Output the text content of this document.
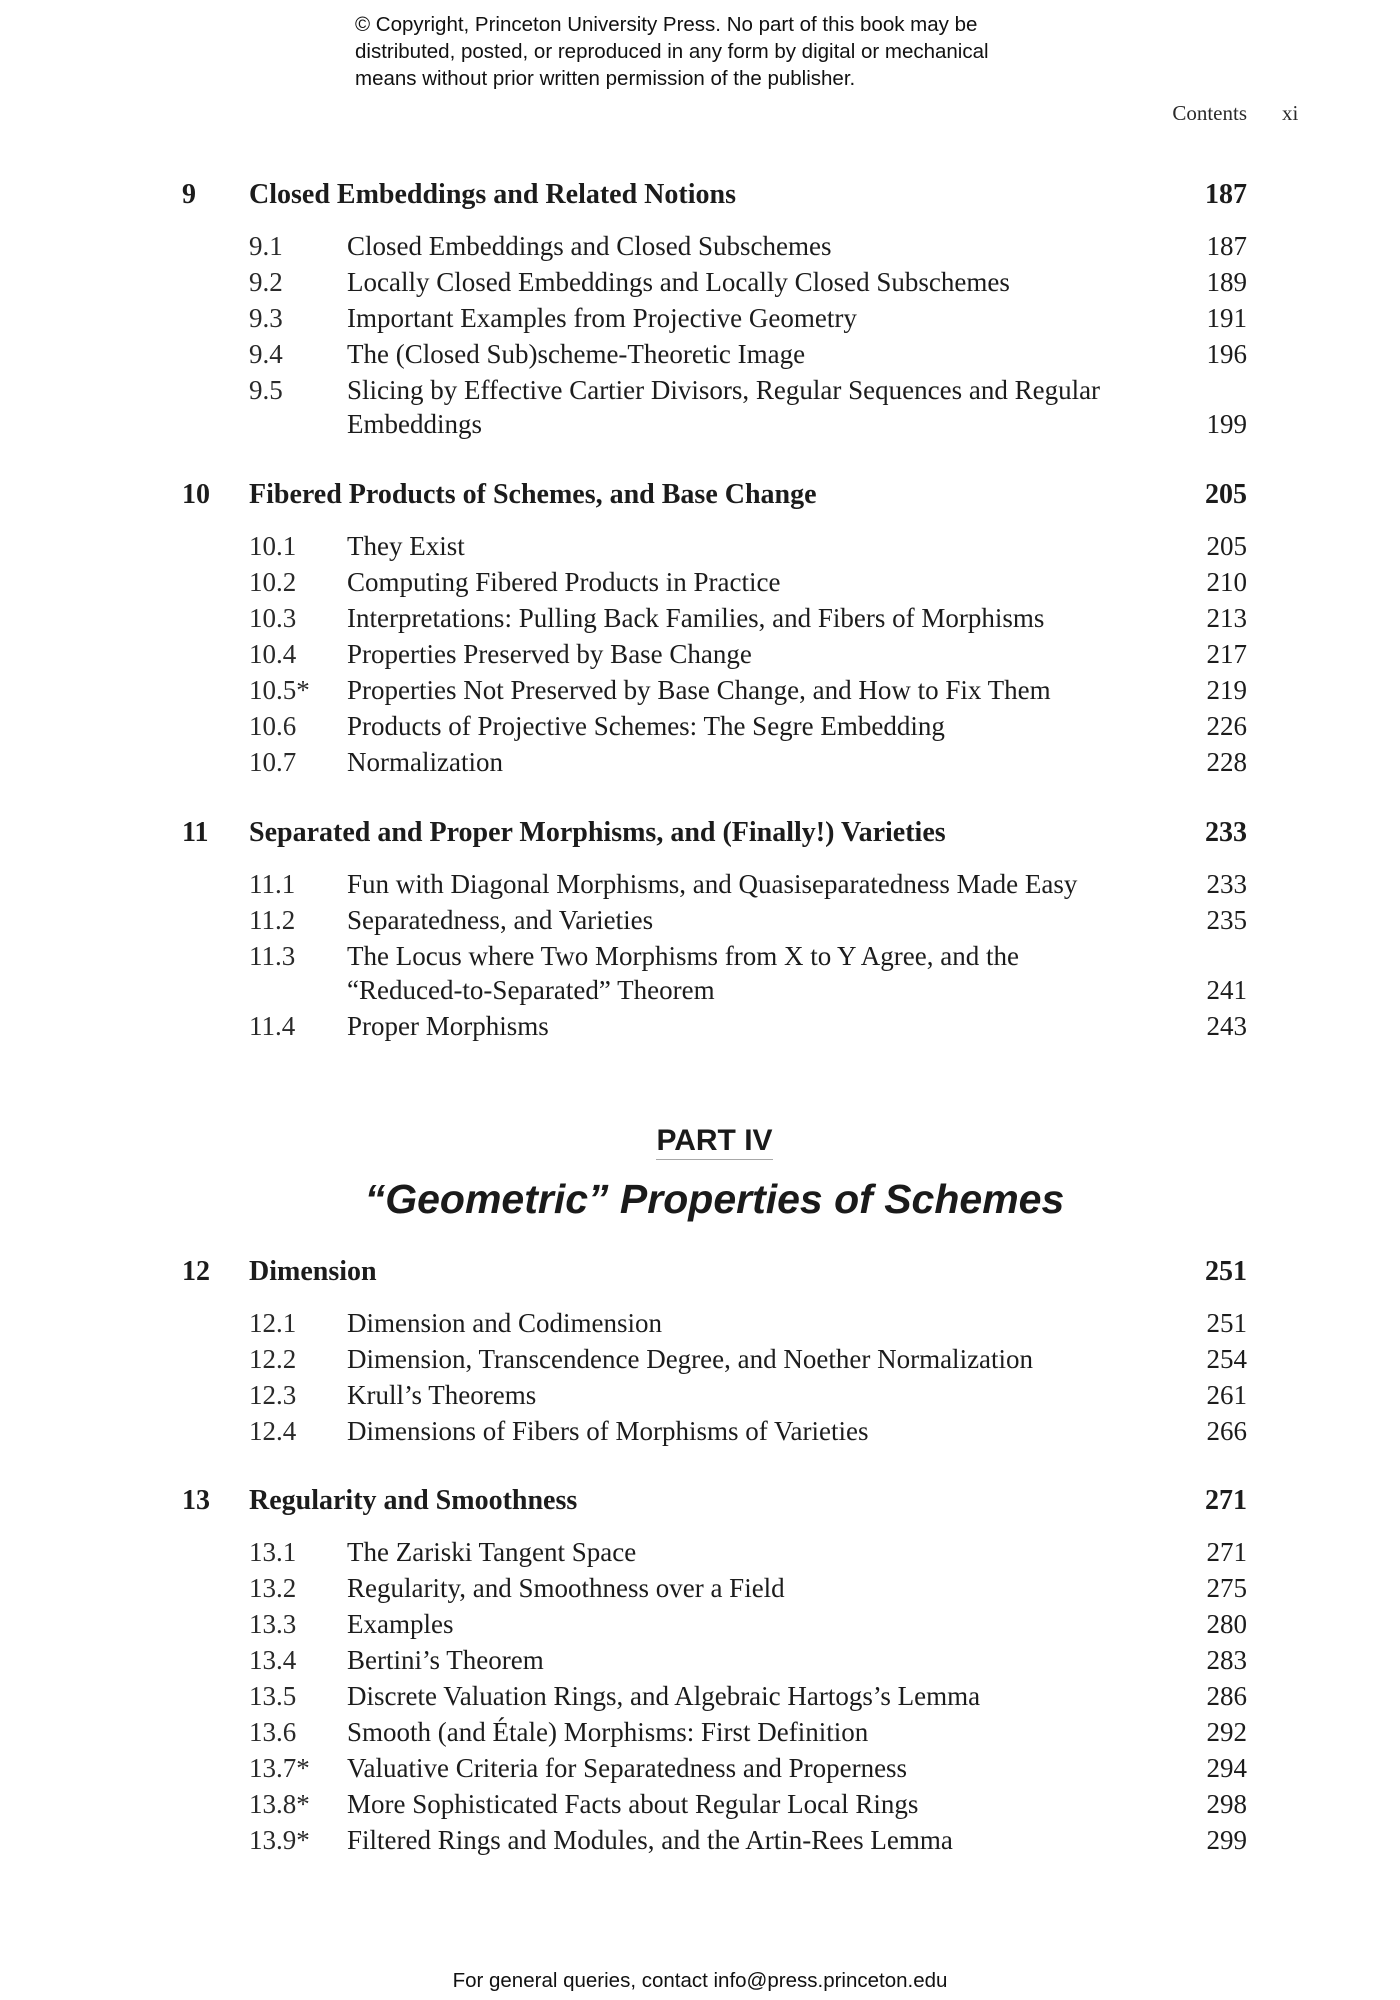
© Copyright, Princeton University Press. No part of this book may be
distributed, posted, or reproduced in any form by digital or mechanical
means without prior written permission of the publisher.
Contents xi
9	Closed Embeddings and Related Notions	187
9.1	Closed Embeddings and Closed Subschemes	187
9.2	Locally Closed Embeddings and Locally Closed Subschemes	189
9.3	Important Examples from Projective Geometry	191
9.4	The (Closed Sub)scheme-Theoretic Image	196
9.5	Slicing by Effective Cartier Divisors, Regular Sequences and Regular
Embeddings	199
10	Fibered Products of Schemes, and Base Change	205
10.1	They Exist	205
10.2	Computing Fibered Products in Practice	210
10.3	Interpretations: Pulling Back Families, and Fibers of Morphisms	213
10.4	Properties Preserved by Base Change	217
10.5*	Properties Not Preserved by Base Change, and How to Fix Them	219
10.6	Products of Projective Schemes: The Segre Embedding	226
10.7	Normalization	228
11	Separated and Proper Morphisms, and (Finally!) Varieties	233
11.1	Fun with Diagonal Morphisms, and Quasiseparatedness Made Easy	233
11.2	Separatedness, and Varieties	235
11.3	The Locus where Two Morphisms from X to Y Agree, and the
“Reduced-to-Separated” Theorem	241
11.4	Proper Morphisms	243
PART IV
“Geometric” Properties of Schemes
12	Dimension	251
12.1	Dimension and Codimension	251
12.2	Dimension, Transcendence Degree, and Noether Normalization	254
12.3	Krull’s Theorems	261
12.4	Dimensions of Fibers of Morphisms of Varieties	266
13	Regularity and Smoothness	271
13.1	The Zariski Tangent Space	271
13.2	Regularity, and Smoothness over a Field	275
13.3	Examples	280
13.4	Bertini’s Theorem	283
13.5	Discrete Valuation Rings, and Algebraic Hartogs’s Lemma	286
13.6	Smooth (and Étale) Morphisms: First Definition	292
13.7*	Valuative Criteria for Separatedness and Properness	294
13.8*	More Sophisticated Facts about Regular Local Rings	298
13.9*	Filtered Rings and Modules, and the Artin-Rees Lemma	299
For general queries, contact info@press.princeton.edu
